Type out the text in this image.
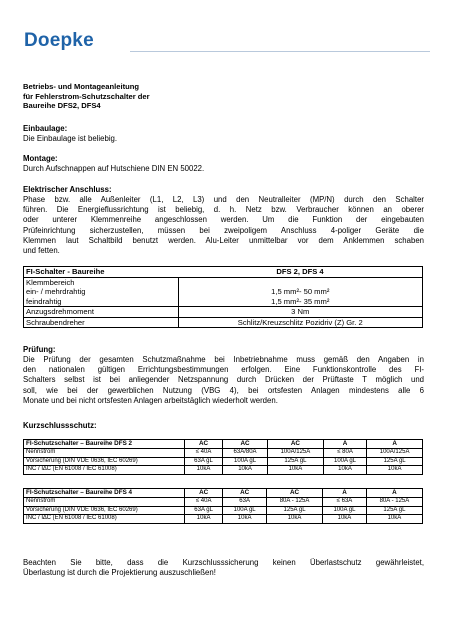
Doepke
Betriebs- und Montageanleitung
für Fehlerstrom-Schutzschalter der
Baureihe DFS2, DFS4
Einbaulage:
Die Einbaulage ist beliebig.
Montage:
Durch Aufschnappen auf Hutschiene DIN EN 50022.
Elektrischer Anschluss:
Phase bzw. alle Außenleiter (L1, L2, L3) und den Neutralleiter (MP/N) durch den Schalter
führen. Die Energieflussrichtung ist beliebig, d. h. Netz bzw. Verbraucher können an oberer
oder unterer Klemmenreihe angeschlossen werden. Um die Funktion der eingebauten
Prüfeinrichtung sicherzustellen, müssen bei zweipoligem Anschluss 4-poliger Geräte die
Klemmen laut Schaltbild benutzt werden. Alu-Leiter unmittelbar vor dem Anklemmen schaben
und fetten.
FI-Schalter - Baureihe	DFS 2, DFS 4
Klemmbereich	
ein- / mehrdrahtig	1,5 mm²- 50 mm²
feindrahtig	1,5 mm²- 35 mm²
Anzugsdrehmoment	3 Nm
Schraubendreher	Schlitz/Kreuzschlitz Pozidriv (Z) Gr. 2
Prüfung:
Die Prüfung der gesamten Schutzmaßnahme bei Inbetriebnahme muss gemäß den Angaben in
den nationalen gültigen Errichtungsbestimmungen erfolgen. Eine Funktionskontrolle des FI-
Schalters selbst ist bei anliegender Netzspannung durch Drücken der Prüftaste T möglich und
soll, wie bei der gewerblichen Nutzung (VBG 4), bei ortsfesten Anlagen mindestens alle 6
Monate und bei nicht ortsfesten Anlagen arbeitstäglich wiederholt werden.
Kurzschlussschutz:
FI-Schutzschalter – Baureihe DFS 2	AC	AC	AC	A	A
Nennstrom	≤ 40A	63A/80A	100A/125A	≤ 80A	100A/125A
Vorsicherung (DIN VDE 0636, IEC 60269)	63A gL	100A gL	125A gL	100A gL	125A gL
INC / I∆C (EN 61008 / IEC 61008)	10kA	10kA	10kA	10kA	10kA
FI-Schutzschalter – Baureihe DFS 4	AC	AC	AC	A	A
Nennstrom	≤ 40A	63A	80A - 125A	≤ 63A	80A - 125A
Vorsicherung (DIN VDE 0636, IEC 60269)	63A gL	100A gL	125A gL	100A gL	125A gL
INC / I∆C (EN 61008 / IEC 61008)	10kA	10kA	10kA	10kA	10kA
Beachten Sie bitte, dass die Kurzschlusssicherung keinen Überlastschutz gewährleistet,
Überlastung ist durch die Projektierung auszuschließen!
